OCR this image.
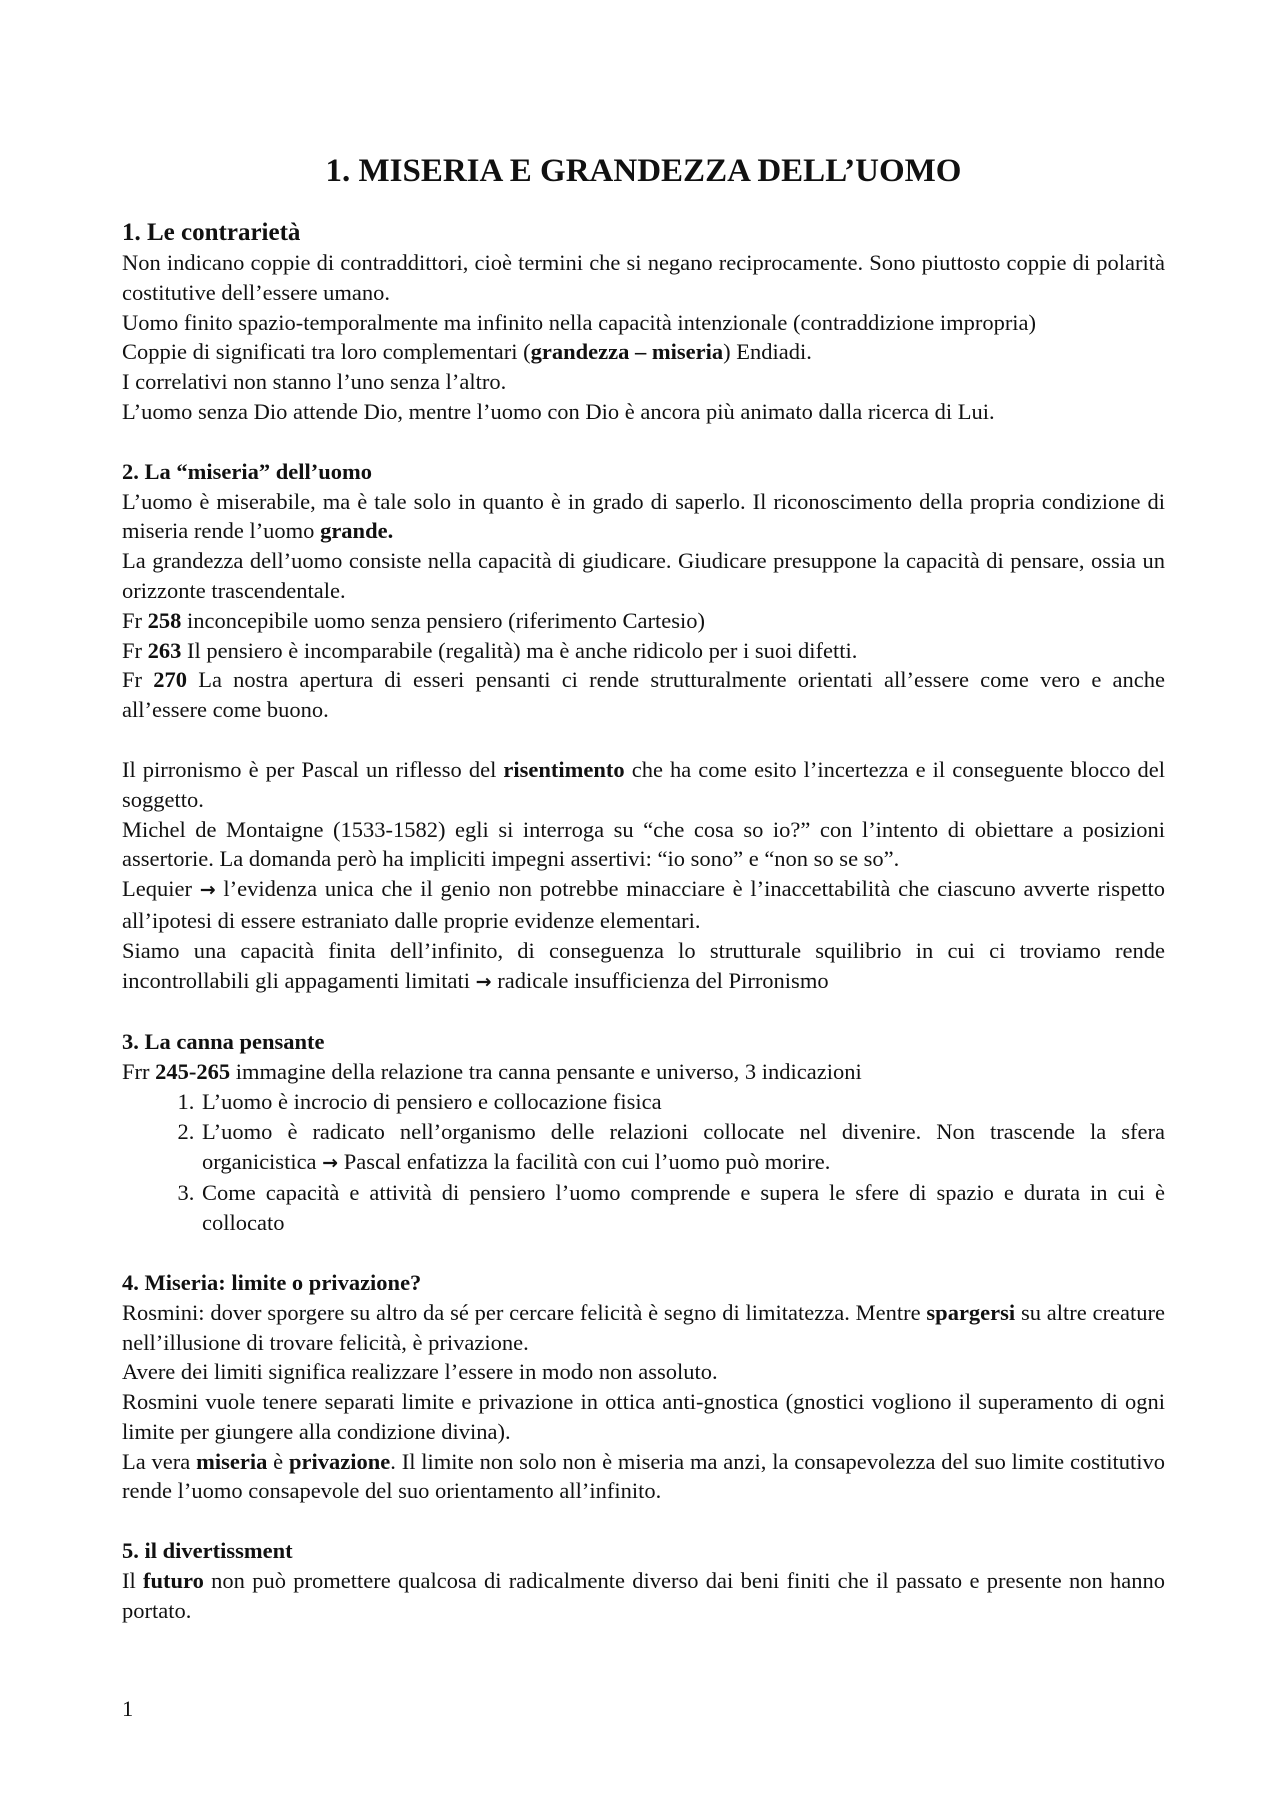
1. MISERIA E GRANDEZZA DELL’UOMO
1. Le contrarietà

Non indicano coppie di contraddittori, cioè termini che si negano reciprocamente. Sono piuttosto coppie di polarità costitutive dell’essere umano.

Uomo finito spazio-temporalmente ma infinito nella capacità intenzionale (contraddizione impropria)

Coppie di significati tra loro complementari (grandezza – miseria) Endiadi.

I correlativi non stanno l’uno senza l’altro.

L’uomo senza Dio attende Dio, mentre l’uomo con Dio è ancora più animato dalla ricerca di Lui.

2. La “miseria” dell’uomo

L’uomo è miserabile, ma è tale solo in quanto è in grado di saperlo. Il riconoscimento della propria condizione di miseria rende l’uomo grande.

La grandezza dell’uomo consiste nella capacità di giudicare. Giudicare presuppone la capacità di pensare, ossia un orizzonte trascendentale.

Fr 258 inconcepibile uomo senza pensiero (riferimento Cartesio)

Fr 263 Il pensiero è incomparabile (regalità) ma è anche ridicolo per i suoi difetti.

Fr 270 La nostra apertura di esseri pensanti ci rende strutturalmente orientati all’essere come vero e anche all’essere come buono.

Il pirronismo è per Pascal un riflesso del risentimento che ha come esito l’incertezza e il conseguente blocco del soggetto.

Michel de Montaigne (1533-1582) egli si interroga su “che cosa so io?” con l’intento di obiettare a posizioni assertorie. La domanda però ha impliciti impegni assertivi: “io sono” e “non so se so”.

Lequier → l’evidenza unica che il genio non potrebbe minacciare è l’inaccettabilità che ciascuno avverte rispetto all’ipotesi di essere estraniato dalle proprie evidenze elementari.

Siamo una capacità finita dell’infinito, di conseguenza lo strutturale squilibrio in cui ci troviamo rende incontrollabili gli appagamenti limitati → radicale insufficienza del Pirronismo

3. La canna pensante

Frr 245-265 immagine della relazione tra canna pensante e universo, 3 indicazioni

1. L’uomo è incrocio di pensiero e collocazione fisica
2. L’uomo è radicato nell’organismo delle relazioni collocate nel divenire. Non trascende la sfera organicistica → Pascal enfatizza la facilità con cui l’uomo può morire.
3. Come capacità e attività di pensiero l’uomo comprende e supera le sfere di spazio e durata in cui è collocato
4. Miseria: limite o privazione?

Rosmini: dover sporgere su altro da sé per cercare felicità è segno di limitatezza. Mentre spargersi su altre creature nell’illusione di trovare felicità, è privazione.

Avere dei limiti significa realizzare l’essere in modo non assoluto.

Rosmini vuole tenere separati limite e privazione in ottica anti-gnostica (gnostici vogliono il superamento di ogni limite per giungere alla condizione divina).

La vera miseria è privazione. Il limite non solo non è miseria ma anzi, la consapevolezza del suo limite costitutivo rende l’uomo consapevole del suo orientamento all’infinito.

5. il divertissment

Il futuro non può promettere qualcosa di radicalmente diverso dai beni finiti che il passato e presente non hanno portato.

1
